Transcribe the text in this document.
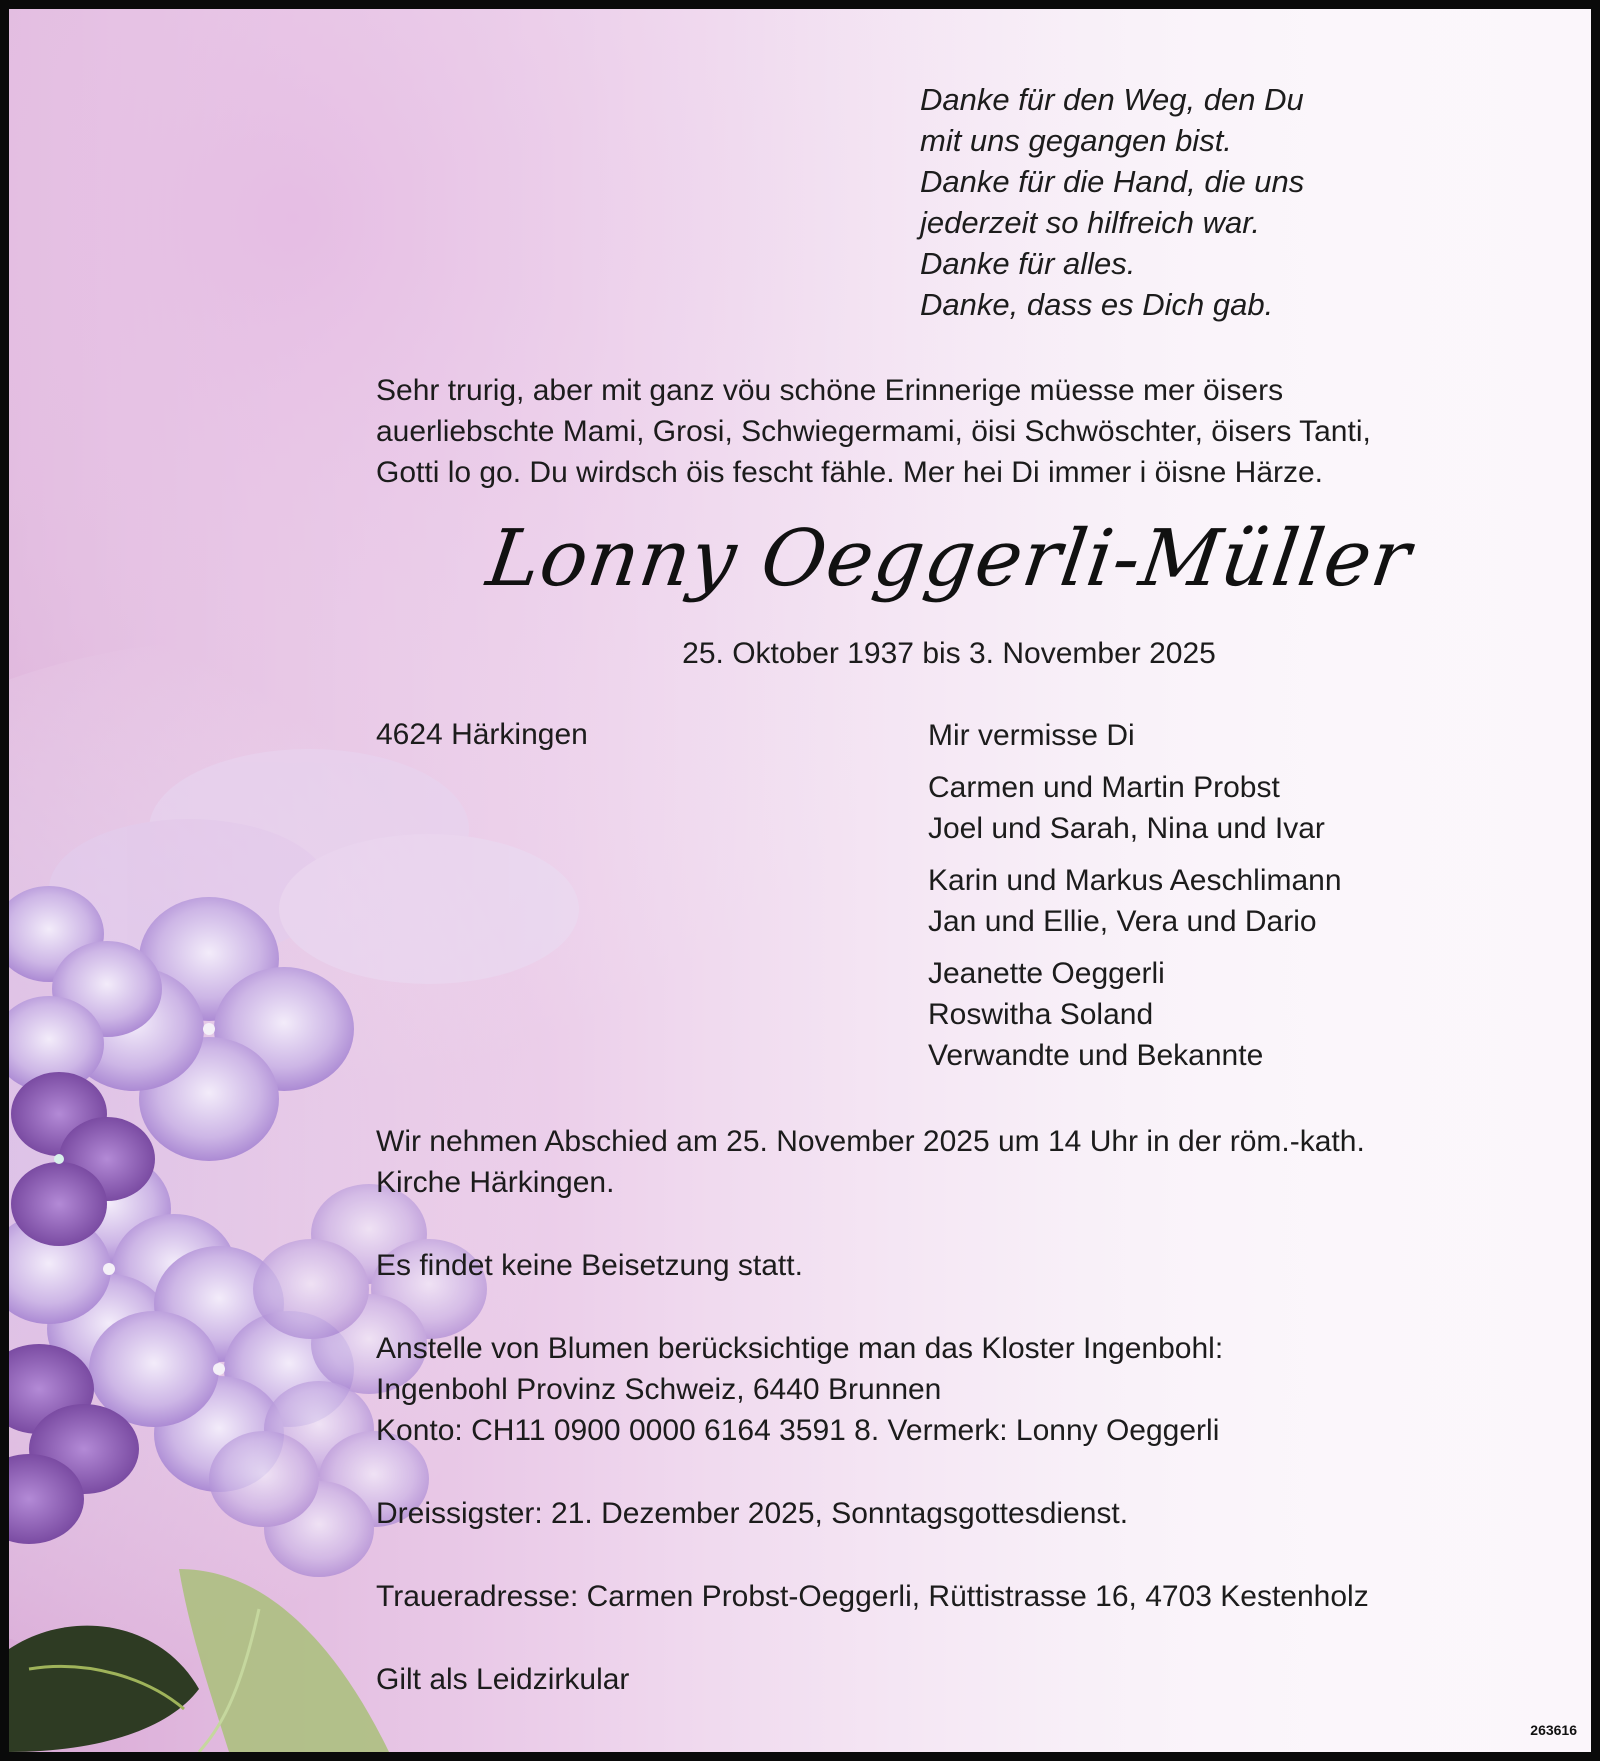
Danke für den Weg, den Du
mit uns gegangen bist.
Danke für die Hand, die uns
jederzeit so hilfreich war.
Danke für alles.
Danke, dass es Dich gab.
Sehr trurig, aber mit ganz vöu schöne Erinnerige müesse mer öisers
auerliebschte Mami, Grosi, Schwiegermami, öisi Schwöschter, öisers Tanti,
Gotti lo go. Du wirdsch öis fescht fähle. Mer hei Di immer i öisne Härze.
Lonny Oeggerli-Müller
25. Oktober 1937 bis 3. November 2025
4624 Härkingen	Mir vermisse Di
Carmen und Martin Probst
Joel und Sarah, Nina und Ivar
Karin und Markus Aeschlimann
Jan und Ellie, Vera und Dario
Jeanette Oeggerli
Roswitha Soland
Verwandte und Bekannte
Wir nehmen Abschied am 25. November 2025 um 14 Uhr in der röm.-kath.
Kirche Härkingen.
Es findet keine Beisetzung statt.
Anstelle von Blumen berücksichtige man das Kloster Ingenbohl:
Ingenbohl Provinz Schweiz, 6440 Brunnen
Konto: CH11 0900 0000 6164 3591 8. Vermerk: Lonny Oeggerli
Dreissigster: 21. Dezember 2025, Sonntagsgottesdienst.
Traueradresse: Carmen Probst-Oeggerli, Rüttistrasse 16, 4703 Kestenholz
Gilt als Leidzirkular
263616
